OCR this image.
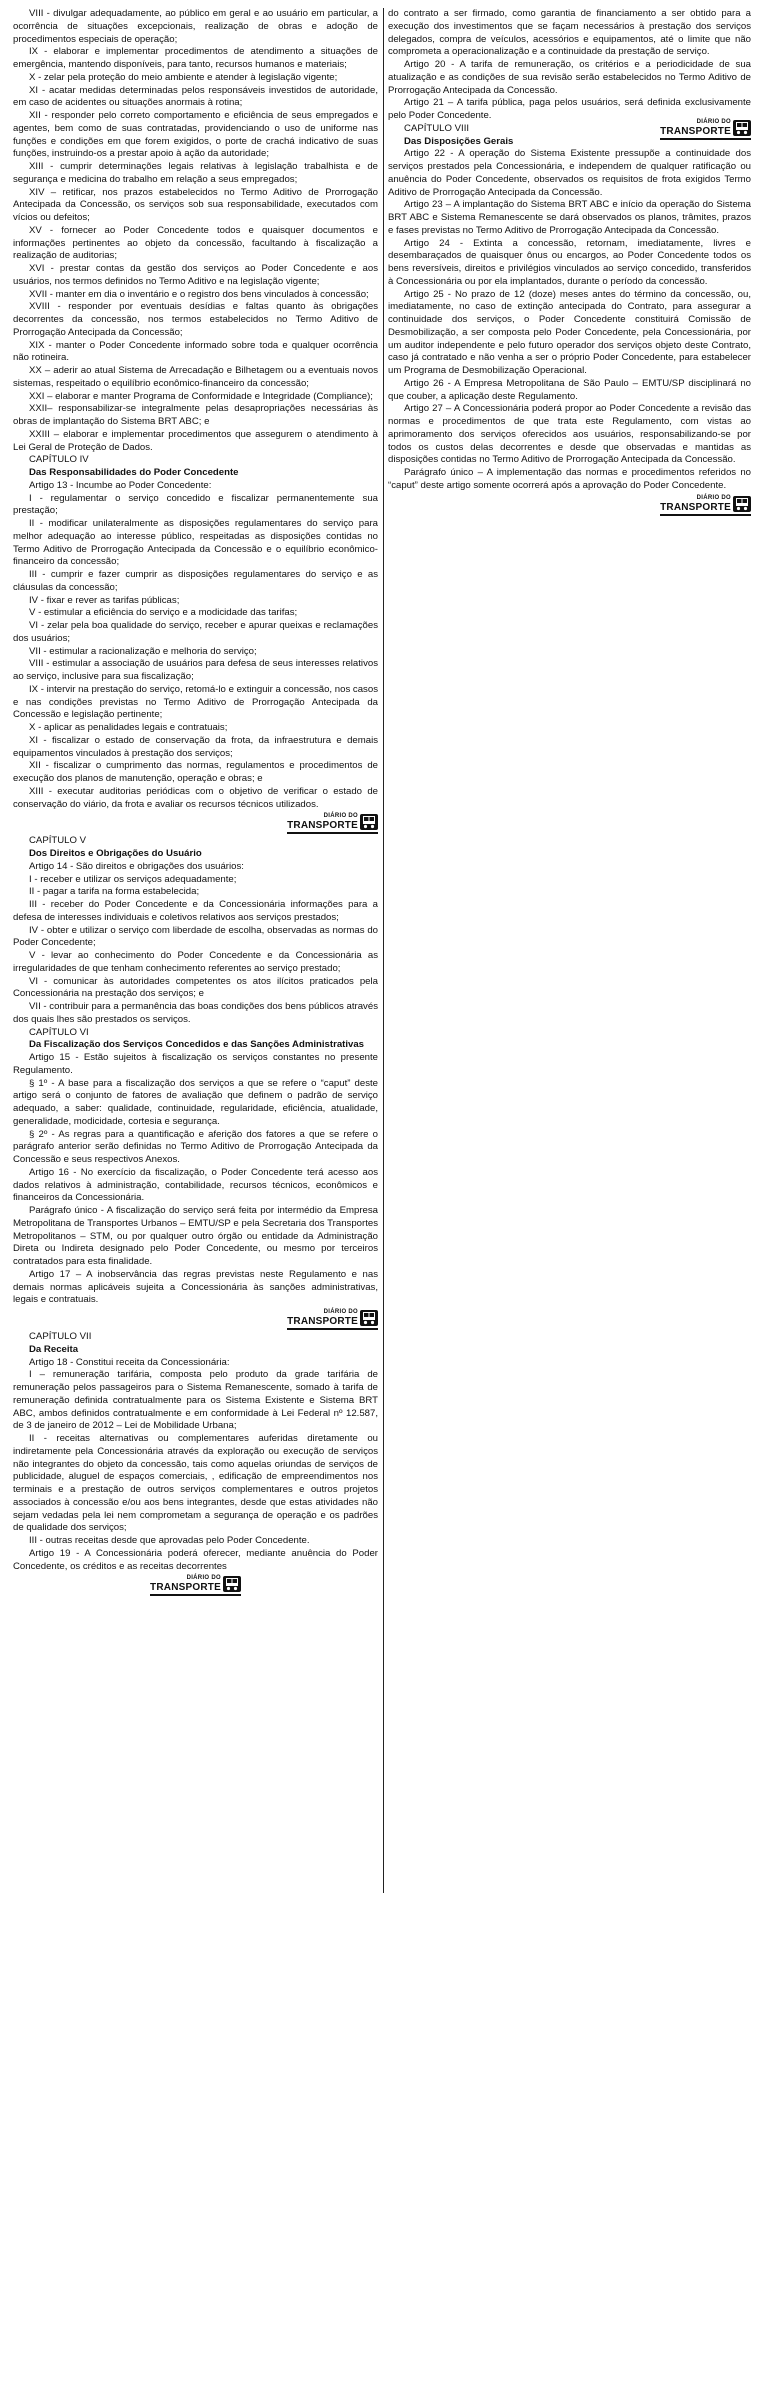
VIII - divulgar adequadamente, ao público em geral e ao usuário em particular, a ocorrência de situações excepcionais, realização de obras e adoção de procedimentos especiais de operação;

IX - elaborar e implementar procedimentos de atendimento a situações de emergência, mantendo disponíveis, para tanto, recursos humanos e materiais;

X - zelar pela proteção do meio ambiente e atender à legislação vigente;

XI - acatar medidas determinadas pelos responsáveis investidos de autoridade, em caso de acidentes ou situações anormais à rotina;

XII - responder pelo correto comportamento e eficiência de seus empregados e agentes, bem como de suas contratadas, providenciando o uso de uniforme nas funções e condições em que forem exigidos, o porte de crachá indicativo de suas funções, instruindo-os a prestar apoio à ação da autoridade;

XIII - cumprir determinações legais relativas à legislação trabalhista e de segurança e medicina do trabalho em relação a seus empregados;

XIV – retificar, nos prazos estabelecidos no Termo Aditivo de Prorrogação Antecipada da Concessão, os serviços sob sua responsabilidade, executados com vícios ou defeitos;

XV - fornecer ao Poder Concedente todos e quaisquer documentos e informações pertinentes ao objeto da concessão, facultando à fiscalização a realização de auditorias;

XVI - prestar contas da gestão dos serviços ao Poder Concedente e aos usuários, nos termos definidos no Termo Aditivo e na legislação vigente;

XVII - manter em dia o inventário e o registro dos bens vinculados à concessão;

XVIII - responder por eventuais desídias e faltas quanto às obrigações decorrentes da concessão, nos termos estabelecidos no Termo Aditivo de Prorrogação Antecipada da Concessão;

XIX - manter o Poder Concedente informado sobre toda e qualquer ocorrência não rotineira.

XX – aderir ao atual Sistema de Arrecadação e Bilhetagem ou a eventuais novos sistemas, respeitado o equilíbrio econômico-financeiro da concessão;

XXI – elaborar e manter Programa de Conformidade e Integridade (Compliance);

XXII– responsabilizar-se integralmente pelas desapropriações necessárias às obras de implantação do Sistema BRT ABC; e

XXIII – elaborar e implementar procedimentos que assegurem o atendimento à Lei Geral de Proteção de Dados.

CAPÍTULO IV

Das Responsabilidades do Poder Concedente

Artigo 13 - Incumbe ao Poder Concedente:

I - regulamentar o serviço concedido e fiscalizar permanentemente sua prestação;

II - modificar unilateralmente as disposições regulamentares do serviço para melhor adequação ao interesse público, respeitadas as disposições contidas no Termo Aditivo de Prorrogação Antecipada da Concessão e o equilíbrio econômico-financeiro da concessão;

III - cumprir e fazer cumprir as disposições regulamentares do serviço e as cláusulas da concessão;

IV - fixar e rever as tarifas públicas;

V - estimular a eficiência do serviço e a modicidade das tarifas;

VI - zelar pela boa qualidade do serviço, receber e apurar queixas e reclamações dos usuários;

VII - estimular a racionalização e melhoria do serviço;

VIII - estimular a associação de usuários para defesa de seus interesses relativos ao serviço, inclusive para sua fiscalização;

IX - intervir na prestação do serviço, retomá-lo e extinguir a concessão, nos casos e nas condições previstas no Termo Aditivo de Prorrogação Antecipada da Concessão e legislação pertinente;

X - aplicar as penalidades legais e contratuais;

XI - fiscalizar o estado de conservação da frota, da infraestrutura e demais equipamentos vinculados à prestação dos serviços;

XII - fiscalizar o cumprimento das normas, regulamentos e procedimentos de execução dos planos de manutenção, operação e obras; e

XIII - executar auditorias periódicas com o objetivo de verificar o estado de conservação do viário, da frota e avaliar os recursos técnicos utilizados.

DIÁRIO DO
TRANSPORTE

CAPÍTULO V

Dos Direitos e Obrigações do Usuário

Artigo 14 - São direitos e obrigações dos usuários:

I - receber e utilizar os serviços adequadamente;

II - pagar a tarifa na forma estabelecida;

III - receber do Poder Concedente e da Concessionária informações para a defesa de interesses individuais e coletivos relativos aos serviços prestados;

IV - obter e utilizar o serviço com liberdade de escolha, observadas as normas do Poder Concedente;

V - levar ao conhecimento do Poder Concedente e da Concessionária as irregularidades de que tenham conhecimento referentes ao serviço prestado;

VI - comunicar às autoridades competentes os atos ilícitos praticados pela Concessionária na prestação dos serviços; e

VII - contribuir para a permanência das boas condições dos bens públicos através dos quais lhes são prestados os serviços.

CAPÍTULO VI

Da Fiscalização dos Serviços Concedidos e das Sanções Administrativas

Artigo 15 - Estão sujeitos à fiscalização os serviços constantes no presente Regulamento.

§ 1º - A base para a fiscalização dos serviços a que se refere o “caput” deste artigo será o conjunto de fatores de avaliação que definem o padrão de serviço adequado, a saber: qualidade, continuidade, regularidade, eficiência, atualidade, generalidade, modicidade, cortesia e segurança.

§ 2º - As regras para a quantificação e aferição dos fatores a que se refere o parágrafo anterior serão definidas no Termo Aditivo de Prorrogação Antecipada da Concessão e seus respectivos Anexos.

Artigo 16 - No exercício da fiscalização, o Poder Concedente terá acesso aos dados relativos à administração, contabilidade, recursos técnicos, econômicos e financeiros da Concessionária.

Parágrafo único - A fiscalização do serviço será feita por intermédio da Empresa Metropolitana de Transportes Urbanos – EMTU/SP e pela Secretaria dos Transportes Metropolitanos – STM, ou por qualquer outro órgão ou entidade da Administração Direta ou Indireta designado pelo Poder Concedente, ou mesmo por terceiros contratados para esta finalidade.

Artigo 17 – A inobservância das regras previstas neste Regulamento e nas demais normas aplicáveis sujeita a Concessionária às sanções administrativas, legais e contratuais.

DIÁRIO DO
TRANSPORTE

CAPÍTULO VII

Da Receita

Artigo 18 - Constitui receita da Concessionária:

I – remuneração tarifária, composta pelo produto da grade tarifária de remuneração pelos passageiros para o Sistema Remanescente, somado à tarifa de remuneração definida contratualmente para os Sistema Existente e Sistema BRT ABC, ambos definidos contratualmente e em conformidade à Lei Federal nº 12.587, de 3 de janeiro de 2012 – Lei de Mobilidade Urbana;

II - receitas alternativas ou complementares auferidas diretamente ou indiretamente pela Concessionária através da exploração ou execução de serviços não integrantes do objeto da concessão, tais como aquelas oriundas de serviços de publicidade, aluguel de espaços comerciais, , edificação de empreendimentos nos terminais e a prestação de outros serviços complementares e outros projetos associados à concessão e/ou aos bens integrantes, desde que estas atividades não sejam vedadas pela lei nem comprometam a segurança de operação e os padrões de qualidade dos serviços;

III - outras receitas desde que aprovadas pelo Poder Concedente.

Artigo 19 - A Concessionária poderá oferecer, mediante anuência do Poder Concedente, os créditos e as receitas decorrentes

DIÁRIO DO
TRANSPORTE

do contrato a ser firmado, como garantia de financiamento a ser obtido para a execução dos investimentos que se façam necessários à prestação dos serviços delegados, compra de veículos, acessórios e equipamentos, até o limite que não comprometa a operacionalização e a continuidade da prestação de serviço.

Artigo 20 - A tarifa de remuneração, os critérios e a periodicidade de sua atualização e as condições de sua revisão serão estabelecidos no Termo Aditivo de Prorrogação Antecipada da Concessão.

Artigo 21 – A tarifa pública, paga pelos usuários, será definida exclusivamente pelo Poder Concedente.

CAPÍTULO VIII

Das Disposições Gerais

DIÁRIO DO
TRANSPORTE

Artigo 22 - A operação do Sistema Existente pressupõe a continuidade dos serviços prestados pela Concessionária, e independem de qualquer ratificação ou anuência do Poder Concedente, observados os requisitos de frota exigidos Termo Aditivo de Prorrogação Antecipada da Concessão.

Artigo 23 – A implantação do Sistema BRT ABC e início da operação do Sistema BRT ABC e Sistema Remanescente se dará observados os planos, trâmites, prazos e fases previstas no Termo Aditivo de Prorrogação Antecipada da Concessão.

Artigo 24 - Extinta a concessão, retornam, imediatamente, livres e desembaraçados de quaisquer ônus ou encargos, ao Poder Concedente todos os bens reversíveis, direitos e privilégios vinculados ao serviço concedido, transferidos à Concessionária ou por ela implantados, durante o período da concessão.

Artigo 25 - No prazo de 12 (doze) meses antes do término da concessão, ou, imediatamente, no caso de extinção antecipada do Contrato, para assegurar a continuidade dos serviços, o Poder Concedente constituirá Comissão de Desmobilização, a ser composta pelo Poder Concedente, pela Concessionária, por um auditor independente e pelo futuro operador dos serviços objeto deste Contrato, caso já contratado e não venha a ser o próprio Poder Concedente, para estabelecer um Programa de Desmobilização Operacional.

Artigo 26 - A Empresa Metropolitana de São Paulo – EMTU/SP disciplinará no que couber, a aplicação deste Regulamento.

Artigo 27 – A Concessionária poderá propor ao Poder Concedente a revisão das normas e procedimentos de que trata este Regulamento, com vistas ao aprimoramento dos serviços oferecidos aos usuários, responsabilizando-se por todos os custos delas decorrentes e desde que observadas e mantidas as disposições contidas no Termo Aditivo de Prorrogação Antecipada da Concessão.

Parágrafo único – A implementação das normas e procedimentos referidos no “caput” deste artigo somente ocorrerá após a aprovação do Poder Concedente.

DIÁRIO DO
TRANSPORTE
